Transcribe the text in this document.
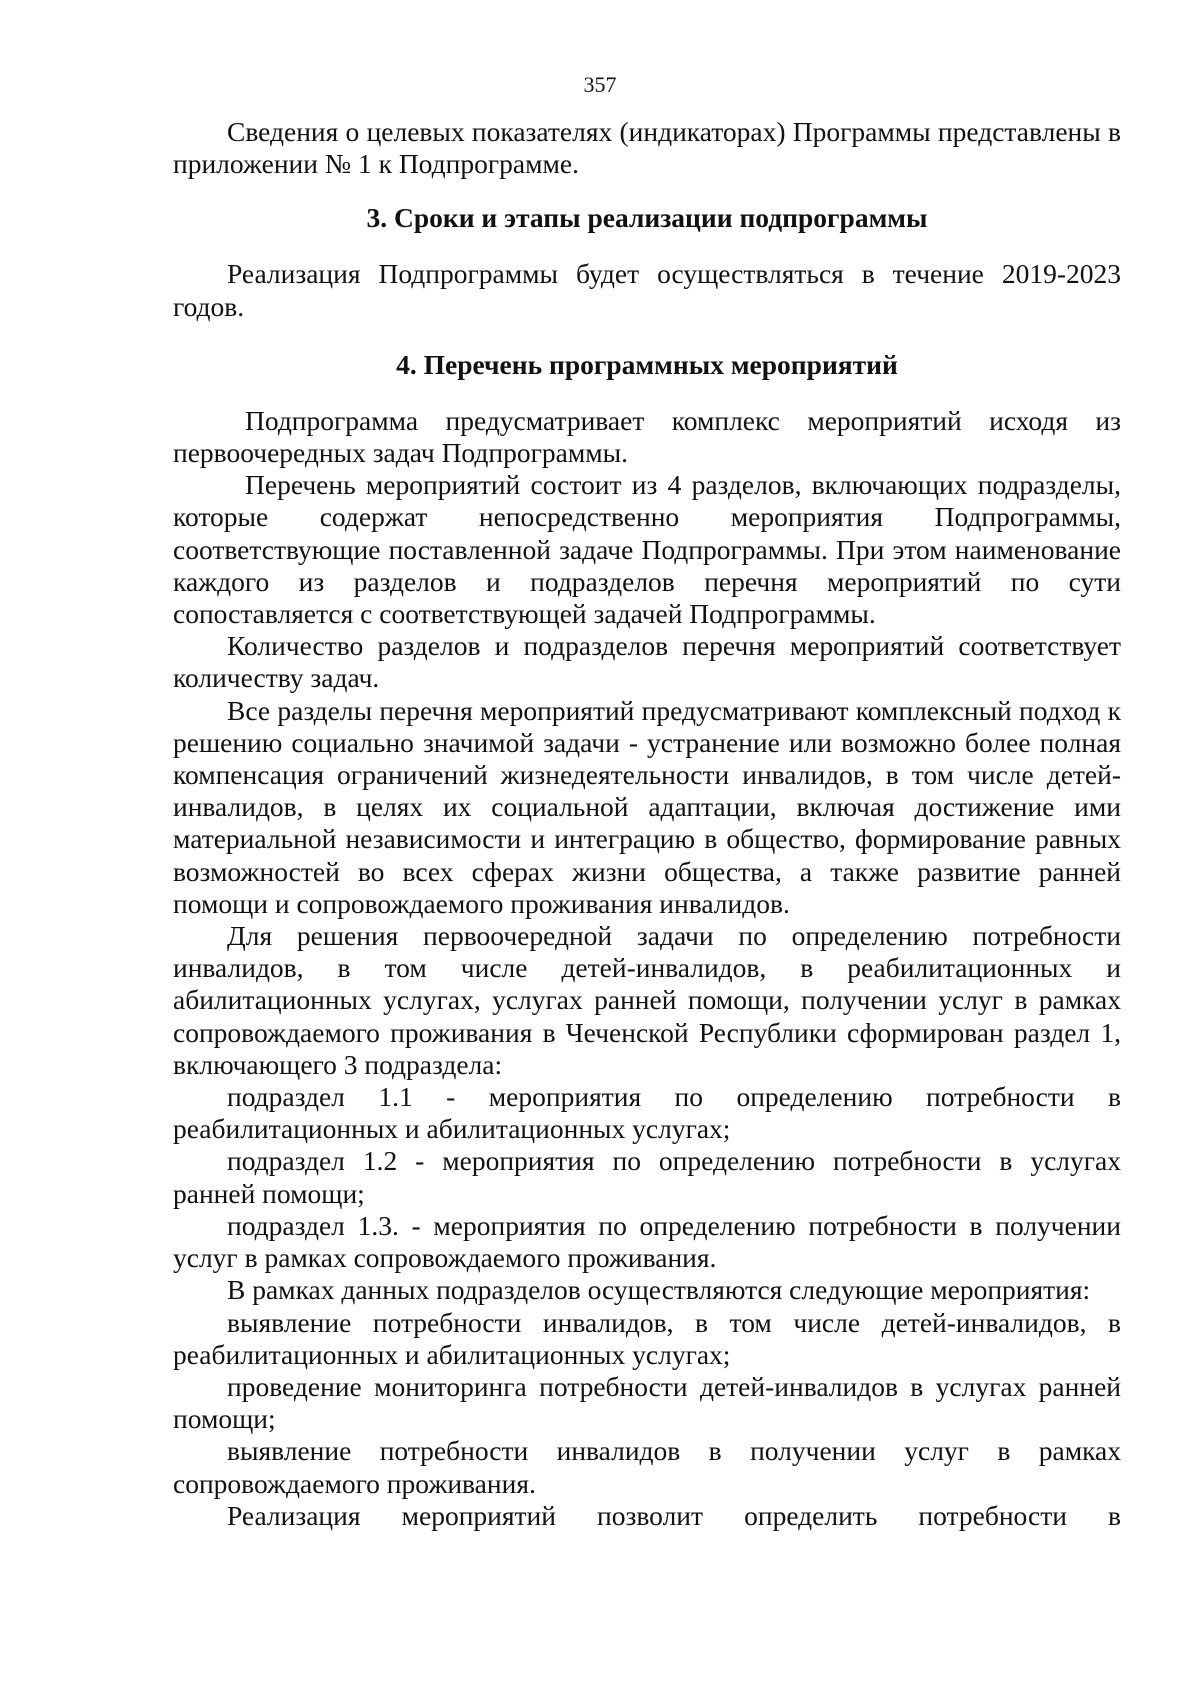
357

Сведения о целевых показателях (индикаторах) Программы представлены в приложении № 1 к Подпрограмме.

3. Сроки и этапы реализации подпрограммы

Реализация Подпрограммы будет осуществляться в течение 2019-2023 годов.

4. Перечень программных мероприятий

Подпрограмма предусматривает комплекс мероприятий исходя из первоочередных задач Подпрограммы.

Перечень мероприятий состоит из 4 разделов, включающих подразделы, которые содержат непосредственно мероприятия Подпрограммы, соответствующие поставленной задаче Подпрограммы. При этом наименование каждого из разделов и подразделов перечня мероприятий по сути сопоставляется с соответствующей задачей Подпрограммы.

Количество разделов и подразделов перечня мероприятий соответствует количеству задач.

Все разделы перечня мероприятий предусматривают комплексный подход к решению социально значимой задачи - устранение или возможно более полная компенсация ограничений жизнедеятельности инвалидов, в том числе детей-инвалидов, в целях их социальной адаптации, включая достижение ими материальной независимости и интеграцию в общество, формирование равных возможностей во всех сферах жизни общества, а также развитие ранней помощи и сопровождаемого проживания инвалидов.

Для решения первоочередной задачи по определению потребности инвалидов, в том числе детей-инвалидов, в реабилитационных и абилитационных услугах, услугах ранней помощи, получении услуг в рамках сопровождаемого проживания в Чеченской Республики сформирован раздел 1, включающего 3 подраздела:

подраздел 1.1 - мероприятия по определению потребности в реабилитационных и абилитационных услугах;

подраздел 1.2 - мероприятия по определению потребности в услугах ранней помощи;

подраздел 1.3. - мероприятия по определению потребности в получении услуг в рамках сопровождаемого проживания.

В рамках данных подразделов осуществляются следующие мероприятия:

выявление потребности инвалидов, в том числе детей-инвалидов, в реабилитационных и абилитационных услугах;

проведение мониторинга потребности детей-инвалидов в услугах ранней помощи;

выявление потребности инвалидов в получении услуг в рамках сопровождаемого проживания.

Реализация мероприятий позволит определить потребности в
